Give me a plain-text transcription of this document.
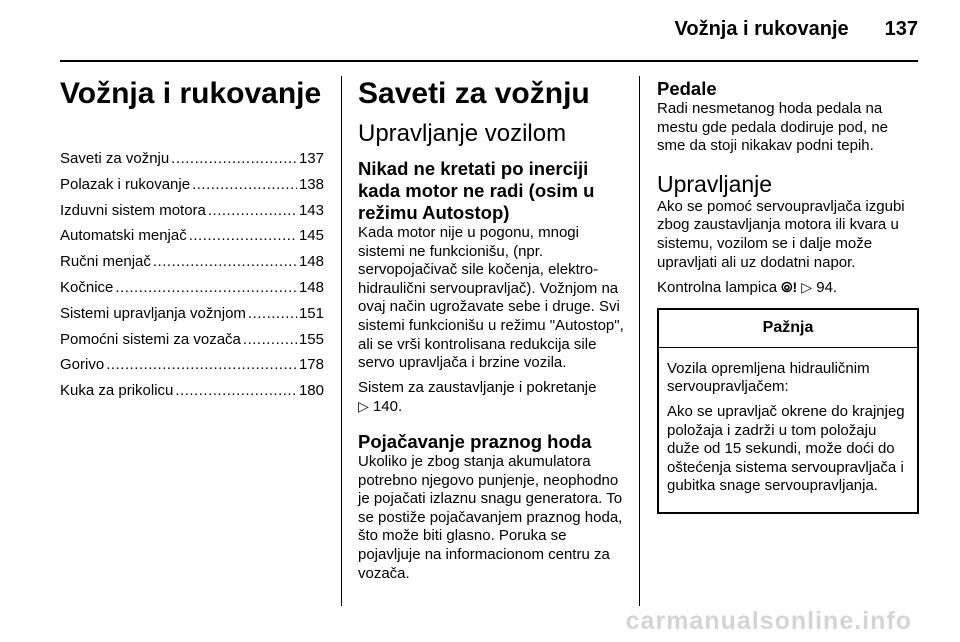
Vožnja i rukovanje 137
Vožnja i rukovanje
Saveti za vožnju .....	137
Polazak i rukovanje .....	138
Izduvni sistem motora .....	143
Automatski menjač .....	145
Ručni menjač .....	148
Kočnice .....	148
Sistemi upravljanja vožnjom .....	151
Pomoćni sistemi za vozača .....	155
Gorivo .....	178
Kuka za prikolicu .....	180
Saveti za vožnju
Upravljanje vozilom
Nikad ne kretati po inerciji kada motor ne radi (osim u režimu Autostop)

Kada motor nije u pogonu, mnogi sistemi ne funkcionišu, (npr. servopojačivač sile kočenja, elektro-hidraulični servoupravljač). Vožnjom na ovaj način ugrožavate sebe i druge. Svi sistemi funkcionišu u režimu "Autostop", ali se vrši kontrolisana redukcija sile servo upravljača i brzine vozila.

Sistem za zaustavljanje i pokretanje
▷ 140.

Pojačavanje praznog hoda

Ukoliko je zbog stanja akumulatora potrebno njegovo punjenje, neophodno je pojačati izlaznu snagu generatora. To se postiže pojačavanjem praznog hoda, što može biti glasno. Poruka se pojavljuje na informacionom centru za vozača.

Pedale

Radi nesmetanog hoda pedala na mestu gde pedala dodiruje pod, ne sme da stoji nikakav podni tepih.

Upravljanje

Ako se pomoć servoupravljača izgubi zbog zaustavljanja motora ili kvara u sistemu, vozilom se i dalje može upravljati ali uz dodatni napor.

Kontrolna lampica ⦾! ▷ 94.

Pažnja

Vozila opremljena hidrauličnim servoupravljačem:

Ako se upravljač okrene do krajnjeg položaja i zadrži u tom položaju duže od 15 sekundi, može doći do oštećenja sistema servoupravljača i gubitka snage servoupravljanja.

carmanualsonline.info
